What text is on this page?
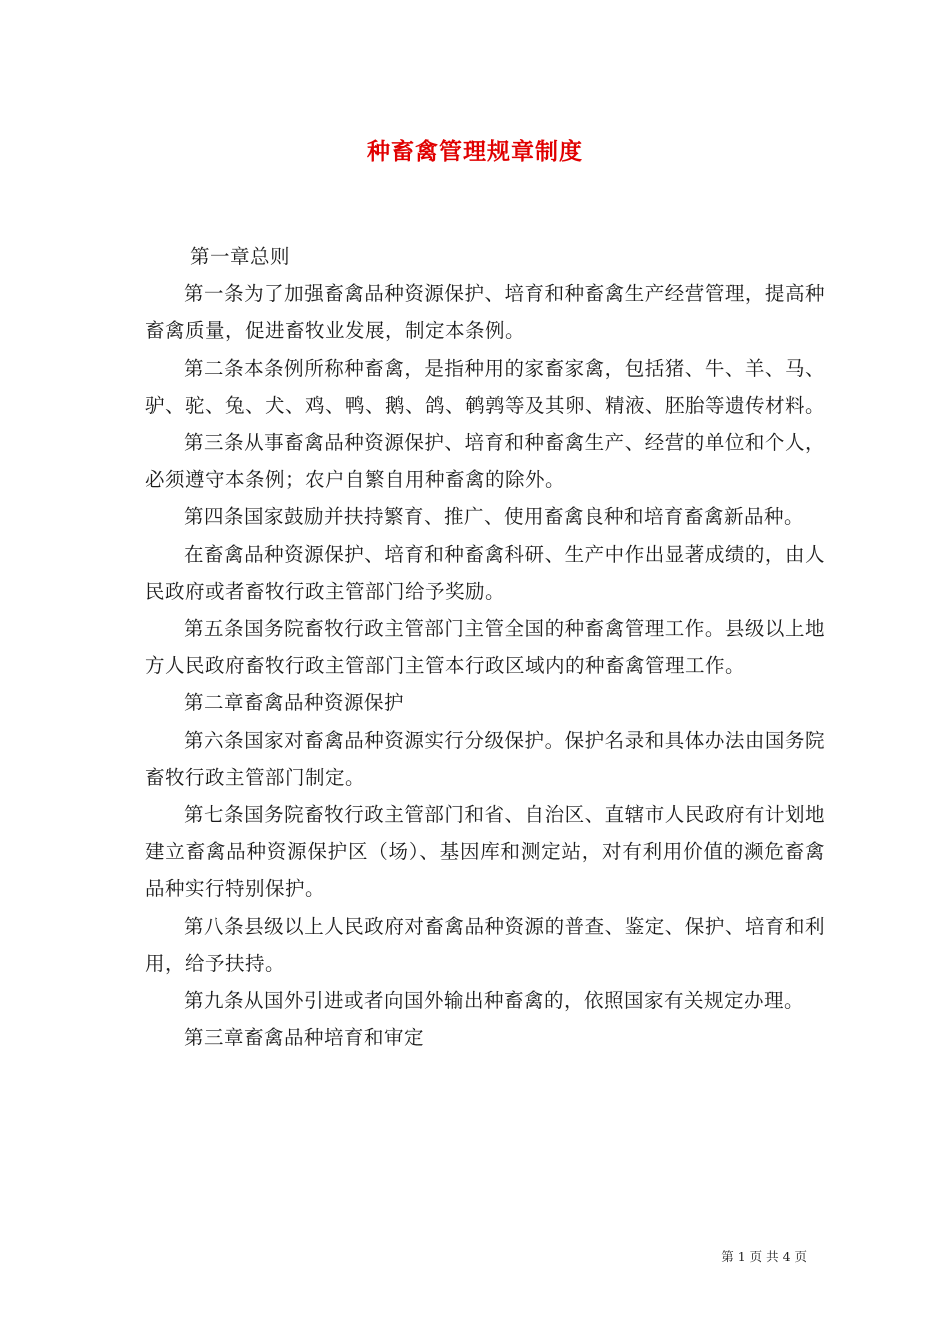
种畜禽管理规章制度

第一章总则

第一条为了加强畜禽品种资源保护、培育和种畜禽生产经营管理，提高种畜禽质量，促进畜牧业发展，制定本条例。

第二条本条例所称种畜禽，是指种用的家畜家禽，包括猪、牛、羊、马、驴、驼、兔、犬、鸡、鸭、鹅、鸽、鹌鹑等及其卵、精液、胚胎等遗传材料。

第三条从事畜禽品种资源保护、培育和种畜禽生产、经营的单位和个人，必须遵守本条例；农户自繁自用种畜禽的除外。

第四条国家鼓励并扶持繁育、推广、使用畜禽良种和培育畜禽新品种。

在畜禽品种资源保护、培育和种畜禽科研、生产中作出显著成绩的，由人民政府或者畜牧行政主管部门给予奖励。

第五条国务院畜牧行政主管部门主管全国的种畜禽管理工作。县级以上地方人民政府畜牧行政主管部门主管本行政区域内的种畜禽管理工作。

第二章畜禽品种资源保护

第六条国家对畜禽品种资源实行分级保护。保护名录和具体办法由国务院畜牧行政主管部门制定。

第七条国务院畜牧行政主管部门和省、自治区、直辖市人民政府有计划地建立畜禽品种资源保护区（场）、基因库和测定站，对有利用价值的濒危畜禽品种实行特别保护。

第八条县级以上人民政府对畜禽品种资源的普查、鉴定、保护、培育和利用，给予扶持。

第九条从国外引进或者向国外输出种畜禽的，依照国家有关规定办理。

第三章畜禽品种培育和审定

第 1 页 共 4 页
